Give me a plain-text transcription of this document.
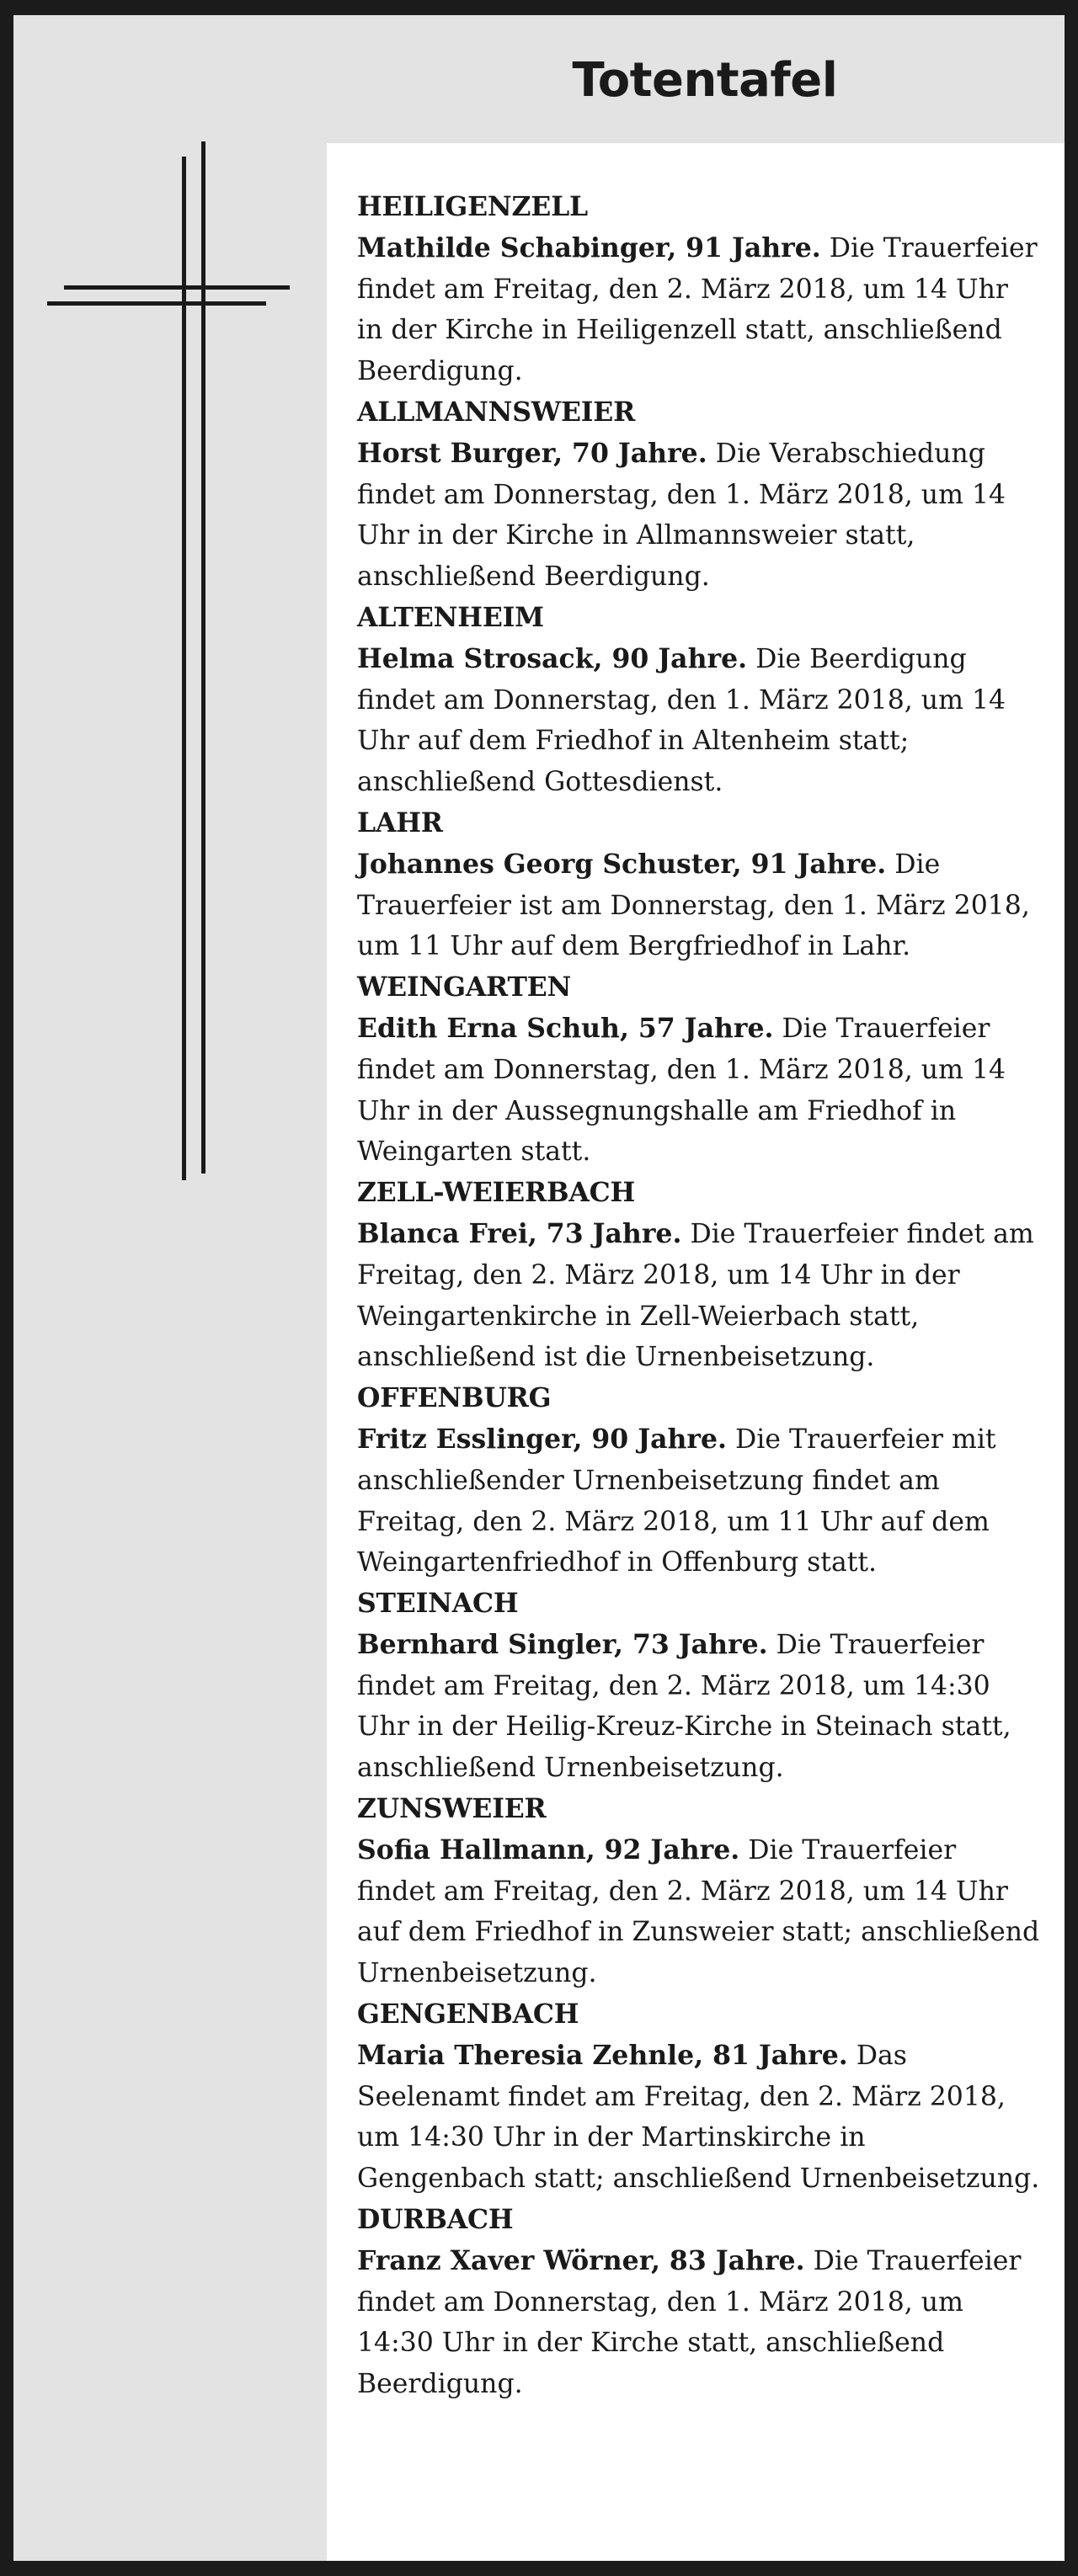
Totentafel
HEILIGENZELL
Mathilde Schabinger, 91 Jahre. Die Trauerfeier findet am Freitag, den 2. März 2018, um 14 Uhr in der Kirche in Heiligenzell statt, anschließend Beerdigung.
ALLMANNSWEIER
Horst Burger, 70 Jahre. Die Verabschiedung findet am Donnerstag, den 1. März 2018, um 14 Uhr in der Kirche in Allmannsweier statt, anschließend Beerdigung.
ALTENHEIM
Helma Strosack, 90 Jahre. Die Beerdigung findet am Donnerstag, den 1. März 2018, um 14 Uhr auf dem Friedhof in Altenheim statt; anschließend Gottesdienst.
LAHR
Johannes Georg Schuster, 91 Jahre. Die Trauerfeier ist am Donnerstag, den 1. März 2018, um 11 Uhr auf dem Bergfriedhof in Lahr.
WEINGARTEN
Edith Erna Schuh, 57 Jahre. Die Trauerfeier findet am Donnerstag, den 1. März 2018, um 14 Uhr in der Aussegnungshalle am Friedhof in Weingarten statt.
ZELL-WEIERBACH
Blanca Frei, 73 Jahre. Die Trauerfeier findet am Freitag, den 2. März 2018, um 14 Uhr in der Weingartenkirche in Zell-Weierbach statt, anschließend ist die Urnenbeisetzung.
OFFENBURG
Fritz Esslinger, 90 Jahre. Die Trauerfeier mit anschließender Urnenbeisetzung findet am Freitag, den 2. März 2018, um 11 Uhr auf dem Weingartenfriedhof in Offenburg statt.
STEINACH
Bernhard Singler, 73 Jahre. Die Trauerfeier findet am Freitag, den 2. März 2018, um 14:30 Uhr in der Heilig-Kreuz-Kirche in Steinach statt, anschließend Urnenbeisetzung.
ZUNSWEIER
Sofia Hallmann, 92 Jahre. Die Trauerfeier findet am Freitag, den 2. März 2018, um 14 Uhr auf dem Friedhof in Zunsweier statt; anschließend Urnenbeisetzung.
GENGENBACH
Maria Theresia Zehnle, 81 Jahre. Das Seelenamt findet am Freitag, den 2. März 2018, um 14:30 Uhr in der Martinskirche in Gengenbach statt; anschließend Urnenbeisetzung.
DURBACH
Franz Xaver Wörner, 83 Jahre. Die Trauerfeier findet am Donnerstag, den 1. März 2018, um 14:30 Uhr in der Kirche statt, anschließend Beerdigung.
